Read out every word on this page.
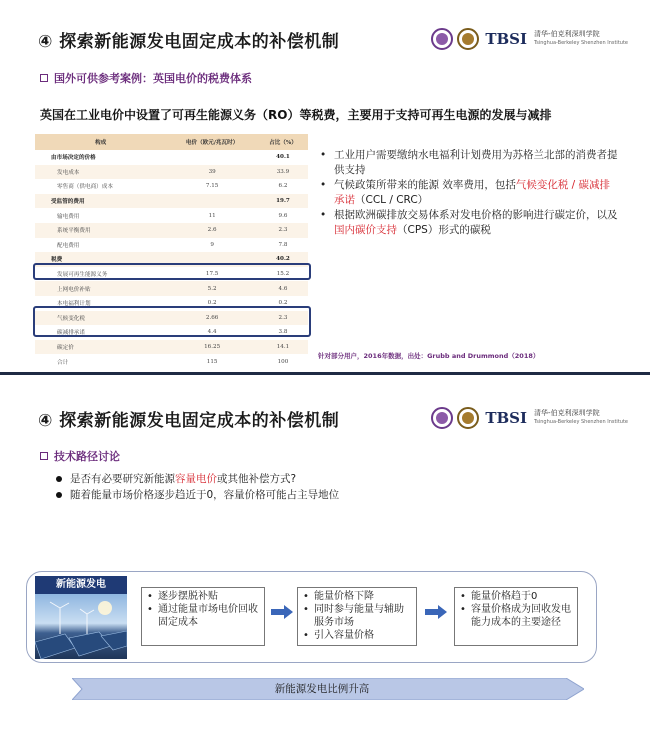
④ 探索新能源发电固定成本的补偿机制	TBSI 清华-伯克利深圳学院
Tsinghua-Berkeley Shenzhen Institute
国外可供参考案例：英国电价的税费体系
英国在工业电价中设置了可再生能源义务（RO）等税费，主要用于支持可再生电源的发展与减排
构成	电价（欧元/兆瓦时）	占比（%）
由市场决定的价格		40.1
发电成本	39	33.9
零售商（供电商）成本	7.15	6.2
受监管的费用		19.7
输电费用	11	9.6
系统平衡费用	2.6	2.3
配电费用	9	7.8
税费		40.2
发展可再生能源义务	17.5	15.2
上网电价补贴	5.2	4.6
本电福利计划	0.2	0.2
气候变化税	2.66	2.3
碳减排承诺	4.4	3.8
碳定价	16.25	14.1
合计	115	100
• 工业用户需要缴纳水电福利计划费用为苏格兰北部的消费者提供支持
• 气候政策所带来的能源 效率费用，包括气候变化税 / 碳减排承诺（CCL / CRC）
• 根据欧洲碳排放交易体系对发电价格的影响进行碳定价，以及国内碳价支持（CPS）形式的碳税
针对部分用户，2016年数据，出处：Grubb and Drummond（2018）
④ 探索新能源发电固定成本的补偿机制	TBSI 清华-伯克利深圳学院
Tsinghua-Berkeley Shenzhen Institute
技术路径讨论
是否有必要研究新能源容量电价或其他补偿方式?
随着能量市场价格逐步趋近于0，容量价格可能占主导地位
新能源发电
• 逐步摆脱补贴
• 通过能量市场电价回收固定成本
• 能量价格下降
• 同时参与能量与辅助服务市场
• 引入容量价格
• 能量价格趋于0
• 容量价格成为回收发电能力成本的主要途径
新能源发电比例升高
